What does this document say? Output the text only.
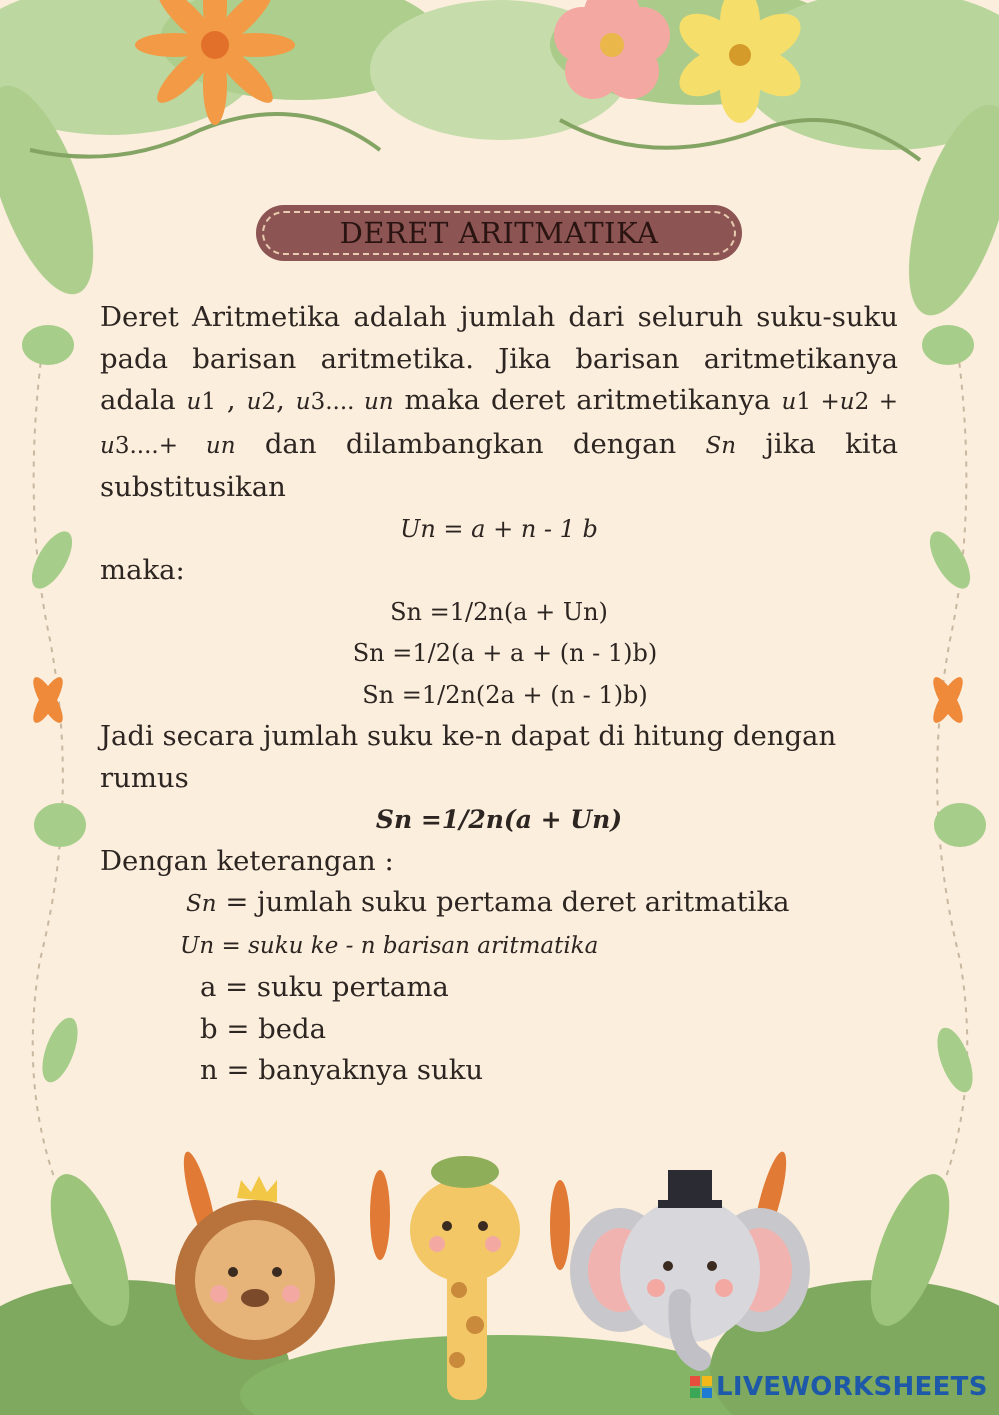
DERET ARITMATIKA

Deret Aritmetika adalah jumlah dari seluruh suku-suku pada barisan aritmetika. Jika barisan aritmetikanya adala u1 , u2, u3.... un maka deret aritmetikanya u1 +u2 + u3....+ un dan dilambangkan dengan Sn jika kita substitusikan

Un = a + n - 1 b

maka:

Sn =1/2n(a + Un)

Sn =1/2(a + a + (n - 1)b)

Sn =1/2n(2a + (n - 1)b)

Jadi secara jumlah suku ke-n dapat di hitung dengan rumus

Sn =1/2n(a + Un)

Dengan keterangan :

Sn = jumlah suku pertama deret aritmatika

Un = suku ke - n barisan aritmatika

a = suku pertama

b = beda

n = banyaknya suku

LIVEWORKSHEETS
